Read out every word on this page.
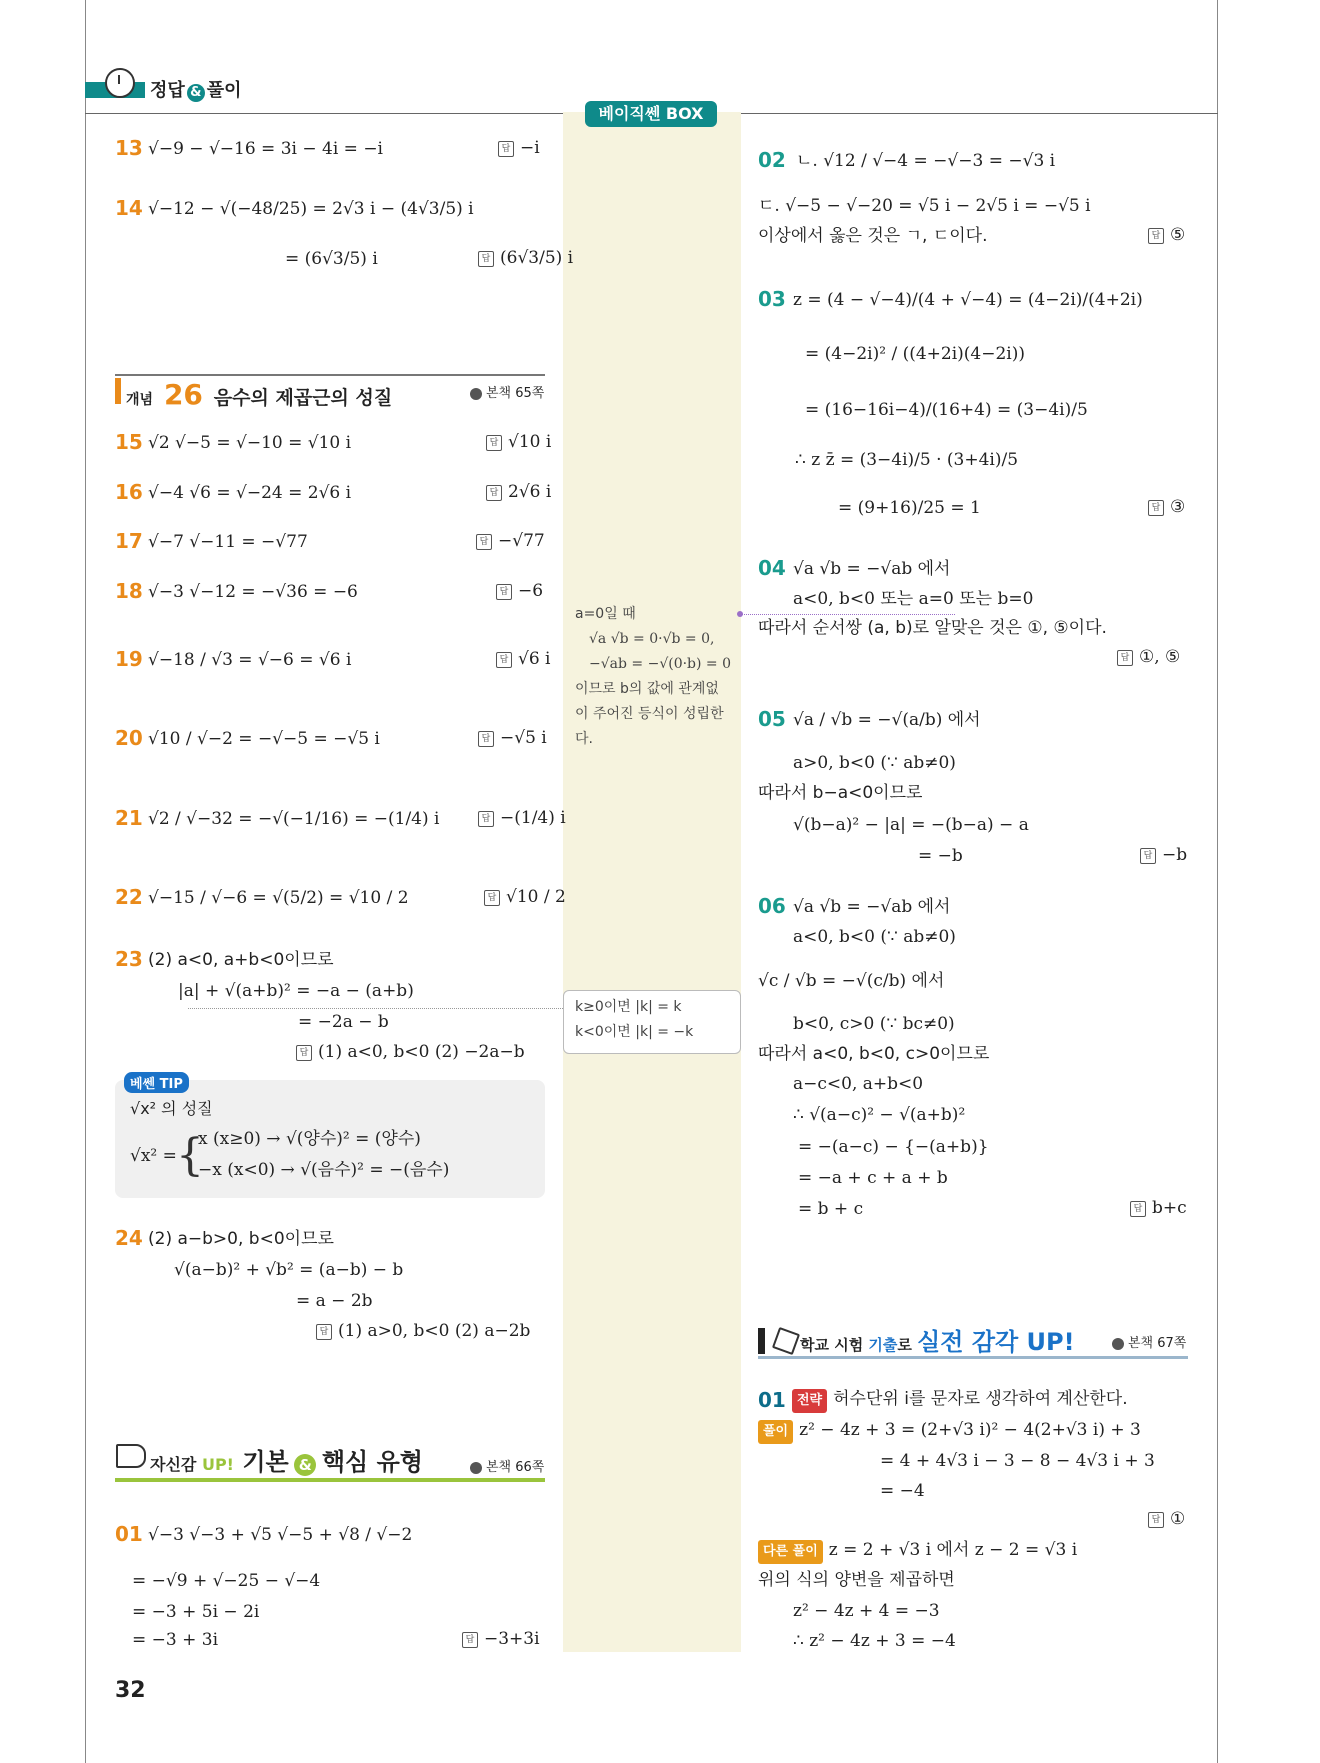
정답 & 풀이
베이직쎈 BOX
13 √−9 − √−16 = 3i − 4i = −i	답 −i
14 √−12 − √(−48/25) = 2√3 i − (4√3/5) i
= (6√3/5) i	답 (6√3/5) i
개념 26 음수의 제곱근의 성질	본책 65쪽
15 √2 √−5 = √−10 = √10 i	답 √10 i
16 √−4 √6 = √−24 = 2√6 i	답 2√6 i
17 √−7 √−11 = −√77	답 −√77
18 √−3 √−12 = −√36 = −6	답 −6
19 √−18 / √3 = √−6 = √6 i	답 √6 i
20 √10 / √−2 = −√−5 = −√5 i	답 −√5 i
21 √2 / √−32 = −√(−1/16) = −(1/4) i	답 −(1/4) i
22 √−15 / √−6 = √(5/2) = √10 / 2	답 √10 / 2
23 (2) a<0, a+b<0이므로
|a| + √(a+b)² = −a − (a+b)
= −2a − b
답 (1) a<0, b<0 (2) −2a−b
베쎈 TIP
√x² 의 성질
√x² = {
x (x≥0) → √(양수)² = (양수)
−x (x<0) → √(음수)² = −(음수)
24 (2) a−b>0, b<0이므로
√(a−b)² + √b² = (a−b) − b
= a − 2b
답 (1) a>0, b<0 (2) a−2b
자신감 UP! 기본 & 핵심 유형	본책 66쪽
01 √−3 √−3 + √5 √−5 + √8 / √−2
= −√9 + √−25 − √−4
= −3 + 5i − 2i
= −3 + 3i	답 −3+3i
32
a=0일 때
√a √b = 0·√b = 0,
−√ab = −√(0·b) = 0
이므로 b의 값에 관계없
이 주어진 등식이 성립한
다.
k≥0이면 |k| = k
k<0이면 |k| = −k
02 ㄴ. √12 / √−4 = −√−3 = −√3 i
ㄷ. √−5 − √−20 = √5 i − 2√5 i = −√5 i
이상에서 옳은 것은 ㄱ, ㄷ이다.	답 ⑤
03 z = (4 − √−4)/(4 + √−4) = (4−2i)/(4+2i)
= (4−2i)² / ((4+2i)(4−2i))
= (16−16i−4)/(16+4) = (3−4i)/5
∴ z z̄ = (3−4i)/5 · (3+4i)/5
= (9+16)/25 = 1	답 ③
04 √a √b = −√ab 에서
a<0, b<0 또는 a=0 또는 b=0
따라서 순서쌍 (a, b)로 알맞은 것은 ①, ⑤이다.
답 ①, ⑤
05 √a / √b = −√(a/b) 에서
a>0, b<0 (∵ ab≠0)
따라서 b−a<0이므로
√(b−a)² − |a| = −(b−a) − a
= −b	답 −b
06 √a √b = −√ab 에서
a<0, b<0 (∵ ab≠0)
√c / √b = −√(c/b) 에서
b<0, c>0 (∵ bc≠0)
따라서 a<0, b<0, c>0이므로
a−c<0, a+b<0
∴ √(a−c)² − √(a+b)²
= −(a−c) − {−(a+b)}
= −a + c + a + b
= b + c	답 b+c
학교 시험 기출로 실전 감각 UP!	본책 67쪽
01 전략 허수단위 i를 문자로 생각하여 계산한다.
풀이 z² − 4z + 3 = (2+√3 i)² − 4(2+√3 i) + 3
= 4 + 4√3 i − 3 − 8 − 4√3 i + 3
= −4
답 ①
다른 풀이 z = 2 + √3 i 에서 z − 2 = √3 i
위의 식의 양변을 제곱하면
z² − 4z + 4 = −3
∴ z² − 4z + 3 = −4
